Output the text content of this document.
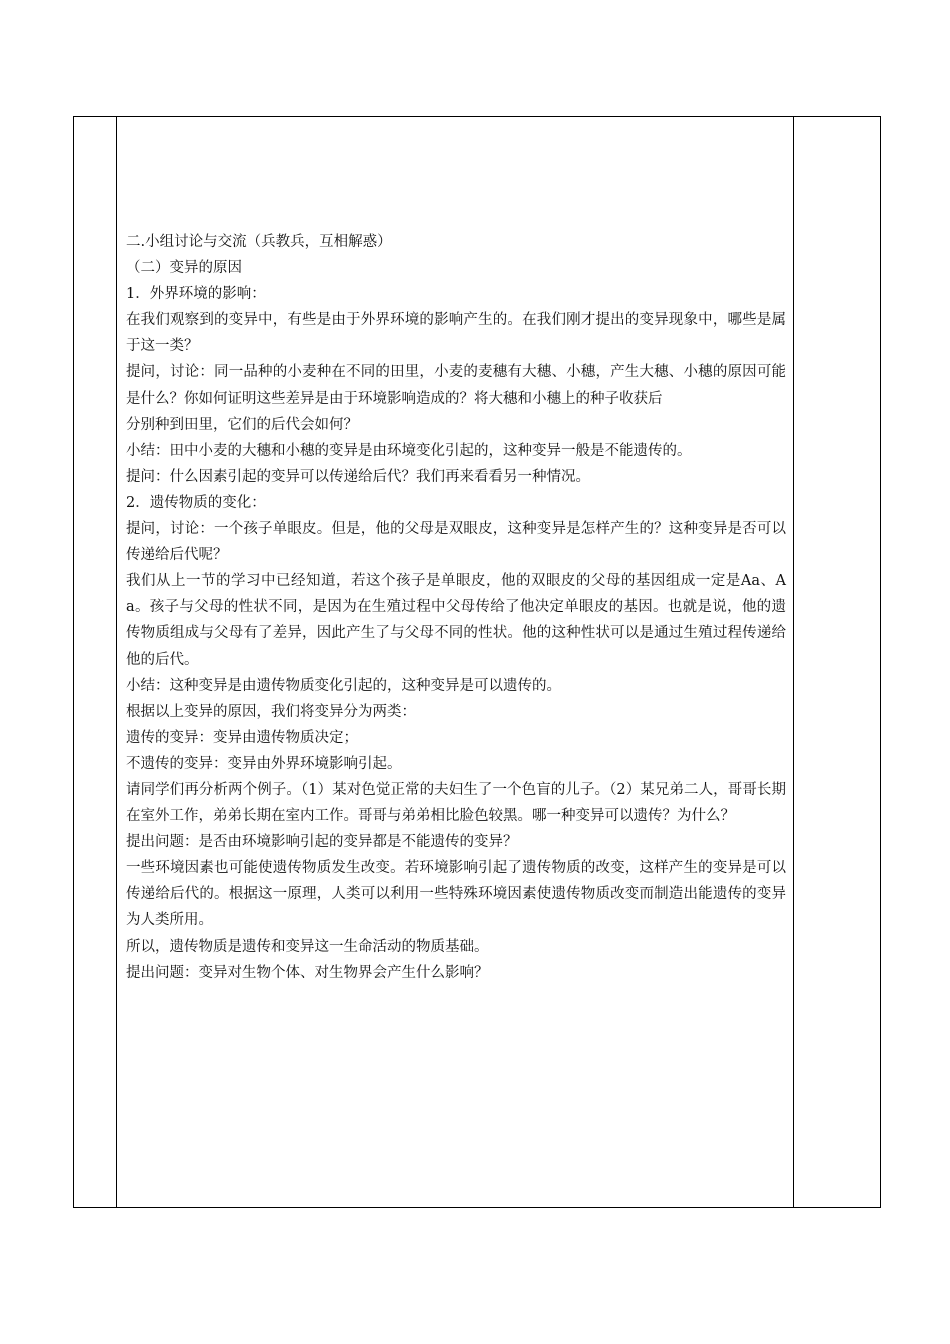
二.小组讨论与交流（兵教兵，互相解惑）

（二）变异的原因

1．外界环境的影响：

在我们观察到的变异中，有些是由于外界环境的影响产生的。在我们刚才提出的变异现象中，哪些是属于这一类？

提问，讨论：同一品种的小麦种在不同的田里，小麦的麦穗有大穗、小穗，产生大穗、小穗的原因可能是什么？你如何证明这些差异是由于环境影响造成的？将大穗和小穗上的种子收获后

分别种到田里，它们的后代会如何？

小结：田中小麦的大穗和小穗的变异是由环境变化引起的，这种变异一般是不能遗传的。

提问：什么因素引起的变异可以传递给后代？我们再来看看另一种情况。

2．遗传物质的变化：

提问，讨论：一个孩子单眼皮。但是，他的父母是双眼皮，这种变异是怎样产生的？这种变异是否可以传递给后代呢？

我们从上一节的学习中已经知道，若这个孩子是单眼皮，他的双眼皮的父母的基因组成一定是Aa、Aa。孩子与父母的性状不同，是因为在生殖过程中父母传给了他决定单眼皮的基因。也就是说，他的遗传物质组成与父母有了差异，因此产生了与父母不同的性状。他的这种性状可以是通过生殖过程传递给他的后代。

小结：这种变异是由遗传物质变化引起的，这种变异是可以遗传的。

根据以上变异的原因，我们将变异分为两类：

遗传的变异：变异由遗传物质决定；

不遗传的变异：变异由外界环境影响引起。

请同学们再分析两个例子。（1）某对色觉正常的夫妇生了一个色盲的儿子。（2）某兄弟二人，哥哥长期在室外工作，弟弟长期在室内工作。哥哥与弟弟相比脸色较黑。哪一种变异可以遗传？为什么？

提出问题：是否由环境影响引起的变异都是不能遗传的变异？

一些环境因素也可能使遗传物质发生改变。若环境影响引起了遗传物质的改变，这样产生的变异是可以传递给后代的。根据这一原理，人类可以利用一些特殊环境因素使遗传物质改变而制造出能遗传的变异为人类所用。

所以，遗传物质是遗传和变异这一生命活动的物质基础。

提出问题：变异对生物个体、对生物界会产生什么影响？
